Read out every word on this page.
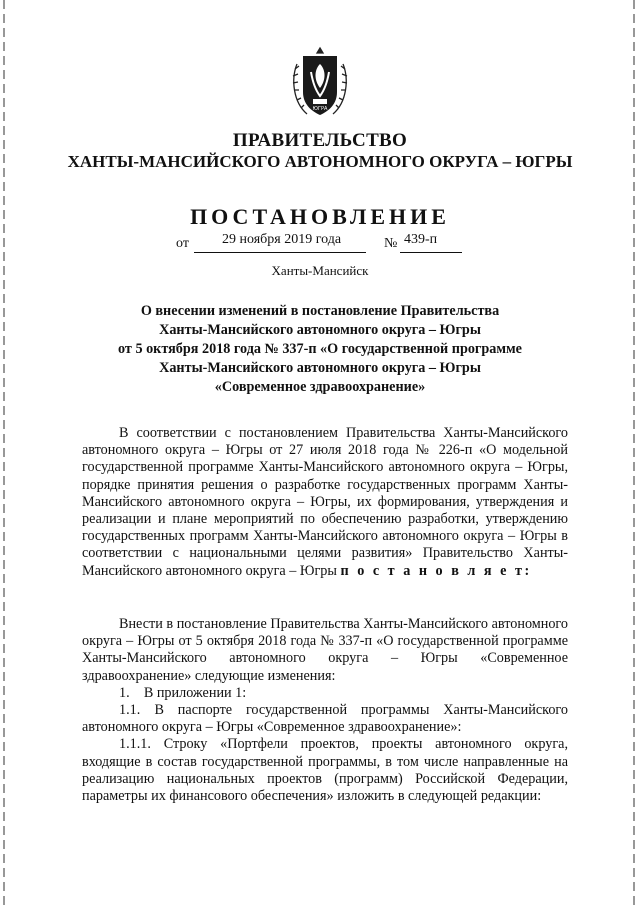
ЮГРА
ПРАВИТЕЛЬСТВО
ХАНТЫ-МАНСИЙСКОГО АВТОНОМНОГО ОКРУГА – ЮГРЫ
ПОСТАНОВЛЕНИЕ
от 29 ноября 2019 года	№ 439-п
Ханты-Мансийск
О внесении изменений в постановление Правительства
Ханты-Мансийского автономного округа – Югры
от 5 октября 2018 года № 337-п «О государственной программе
Ханты-Мансийского автономного округа – Югры
«Современное здравоохранение»

В соответствии с постановлением Правительства Ханты-Мансийского автономного округа – Югры от 27 июля 2018 года № 226-п «О модельной государственной программе Ханты-Мансийского автономного округа – Югры, порядке принятия решения о разработке государственных программ Ханты-Мансийского автономного округа – Югры, их формирования, утверждения и реализации и плане мероприятий по обеспечению разработки, утверждению государственных программ Ханты-Мансийского автономного округа – Югры в соответствии с национальными целями развития» Правительство Ханты-Мансийского автономного округа – Югры п о с т а н о в л я е т:

Внести в постановление Правительства Ханты-Мансийского автономного округа – Югры от 5 октября 2018 года № 337-п «О государственной программе Ханты-Мансийского автономного округа – Югры «Современное здравоохранение» следующие изменения:

1. В приложении 1:

1.1. В паспорте государственной программы Ханты-Мансийского автономного округа – Югры «Современное здравоохранение»:

1.1.1. Строку «Портфели проектов, проекты автономного округа, входящие в состав государственной программы, в том числе направленные на реализацию национальных проектов (программ) Российской Федерации, параметры их финансового обеспечения» изложить в следующей редакции:
